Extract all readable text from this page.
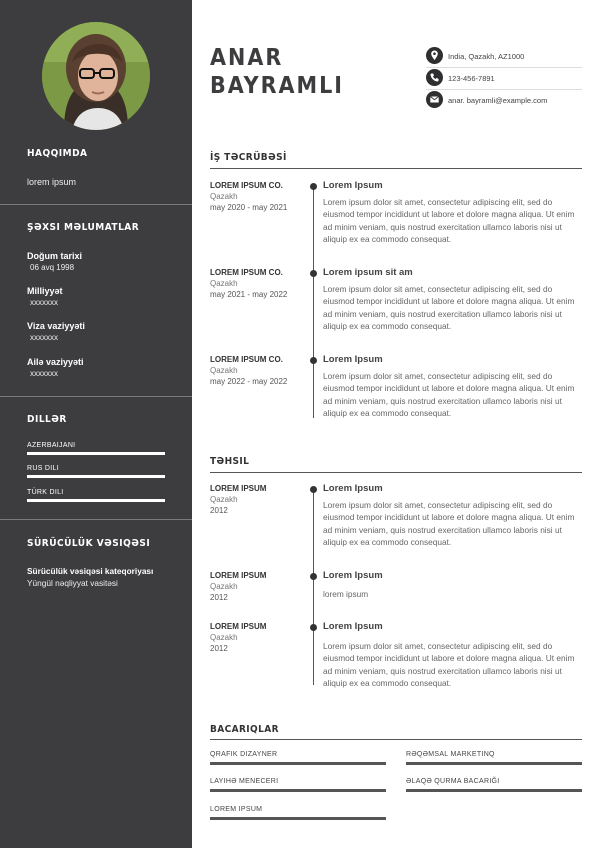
HAQQIMDA
lorem ipsum
ŞƏXSI MƏLUMATLAR
Doğum tarixi
06 avq 1998
Milliyyət
xxxxxxx
Viza vaziyyəti
xxxxxxx
Ailə vaziyyəti
xxxxxxx
DILLƏR
AZERBAIJANI
RUS DILI
TÜRK DILI
SÜRÜCÜLÜK VƏSIQƏSI
Sürücülük vəsiqəsi kateqoriyası
Yüngül nəqliyyat vasitəsi
ANAR
BAYRAMLI
India, Qazakh, AZ1000
123-456-7891
anar. bayramli@example.com
İŞ TƏCRÜBƏSİ
LOREM IPSUM CO.
Qazakh
may 2020 - may 2021
Lorem Ipsum
Lorem ipsum dolor sit amet, consectetur adipiscing elit, sed do eiusmod tempor incididunt ut labore et dolore magna aliqua. Ut enim ad minim veniam, quis nostrud exercitation ullamco laboris nisi ut aliquip ex ea commodo consequat.
LOREM IPSUM CO.
Qazakh
may 2021 - may 2022
Lorem ipsum sit am
Lorem ipsum dolor sit amet, consectetur adipiscing elit, sed do eiusmod tempor incididunt ut labore et dolore magna aliqua. Ut enim ad minim veniam, quis nostrud exercitation ullamco laboris nisi ut aliquip ex ea commodo consequat.
LOREM IPSUM CO.
Qazakh
may 2022 - may 2022
Lorem Ipsum
Lorem ipsum dolor sit amet, consectetur adipiscing elit, sed do eiusmod tempor incididunt ut labore et dolore magna aliqua. Ut enim ad minim veniam, quis nostrud exercitation ullamco laboris nisi ut aliquip ex ea commodo consequat.
TƏHSIL
LOREM IPSUM
Qazakh
2012
Lorem Ipsum
Lorem ipsum dolor sit amet, consectetur adipiscing elit, sed do eiusmod tempor incididunt ut labore et dolore magna aliqua. Ut enim ad minim veniam, quis nostrud exercitation ullamco laboris nisi ut aliquip ex ea commodo consequat.
LOREM IPSUM
Qazakh
2012
Lorem Ipsum
lorem ipsum
LOREM IPSUM
Qazakh
2012
Lorem Ipsum
Lorem ipsum dolor sit amet, consectetur adipiscing elit, sed do eiusmod tempor incididunt ut labore et dolore magna aliqua. Ut enim ad minim veniam, quis nostrud exercitation ullamco laboris nisi ut aliquip ex ea commodo consequat.
BACARIQLAR
QRAFIK DIZAYNER	RƏQƏMSAL MARKETINQ
LAYIHƏ MENECERI	ƏLAQƏ QURMA BACARIĞI
LOREM IPSUM
